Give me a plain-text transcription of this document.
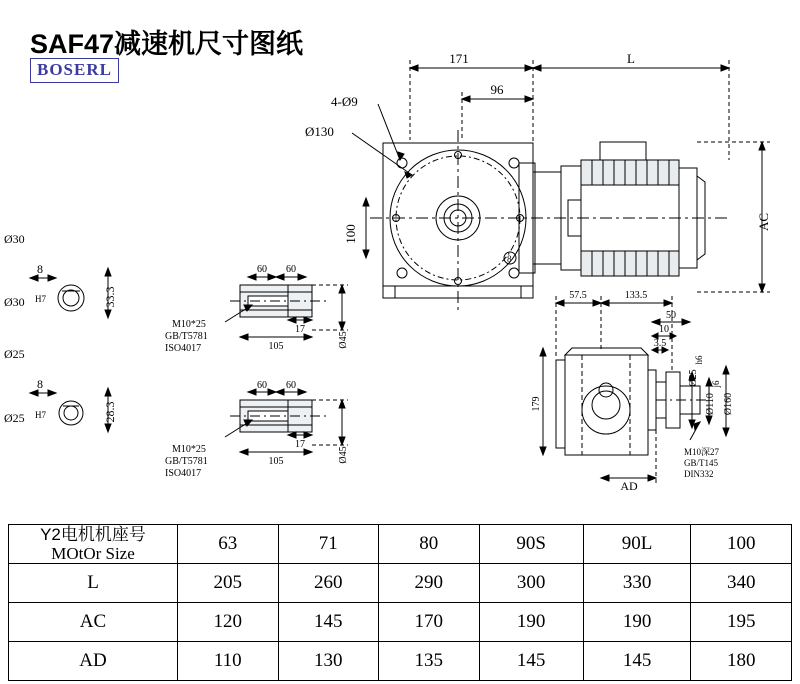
SAF47减速机尺寸图纸
BOSERL
8
171	L
96
4-Ø9
Ø130
100
AC
Ø30
Ø30 H7	33.3
8
Ø25
Ø25 H7	28.3
8
60 60
17
105	Ø45
M10*25
GB/T5781
ISO4017
60 60
17
105	Ø45
M10*25
GB/T5781
ISO4017
57.5	133.5
50
10
3.5
179
Ø25
h6
Ø110
j6
Ø160
AD
M10深27
GB/T145
DIN332
Y2电机机座号
MOtOr Size	63	71	80	90S	90L	100
L	205	260	290	300	330	340
AC	120	145	170	190	190	195
AD	110	130	135	145	145	180
